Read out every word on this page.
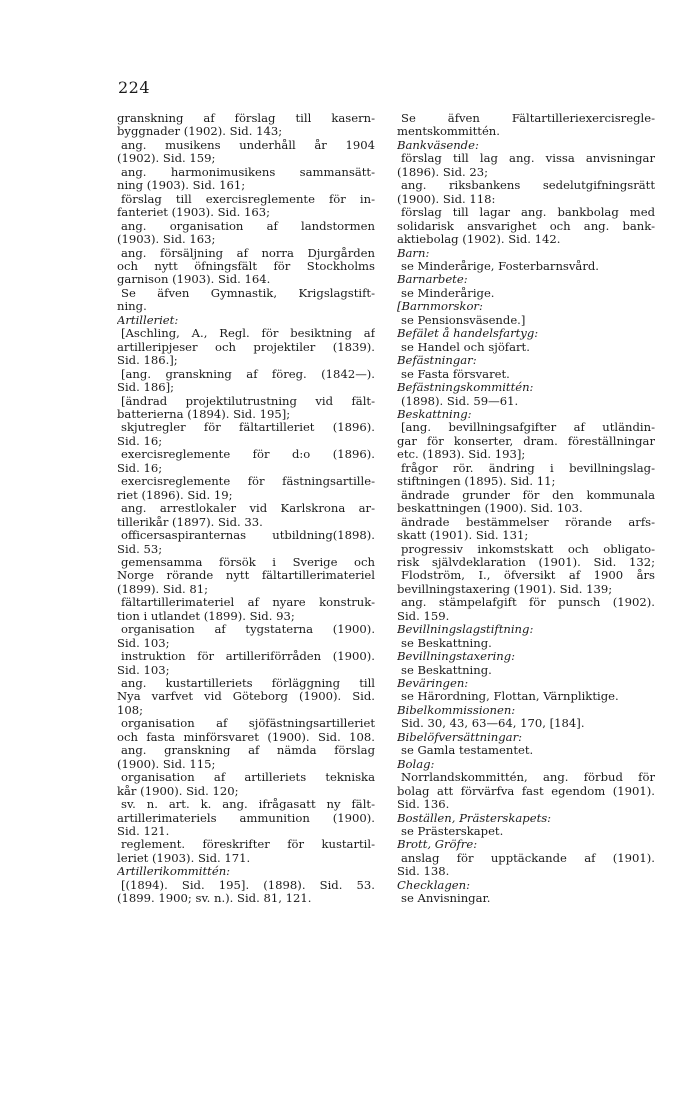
224
granskning af förslag till kasern-
byggnader (1902). Sid. 143;
ang. musikens underhåll år 1904
(1902). Sid. 159;
ang. harmonimusikens sammansätt-
ning (1903). Sid. 161;
förslag till exercisreglemente för in-
fanteriet (1903). Sid. 163;
ang. organisation af landstormen
(1903). Sid. 163;
ang. försäljning af norra Djurgården
och nytt öfningsfält för Stockholms
garnison (1903). Sid. 164.
Se äfven Gymnastik, Krigslagstift-
ning.
Artilleriet:
[Aschling, A., Regl. för besiktning af
artilleripjeser och projektiler (1839).
Sid. 186.];
[ang. granskning af föreg. (1842—).
Sid. 186];
[ändrad projektilutrustning vid fält-
batterierna (1894). Sid. 195];
skjutregler för fältartilleriet (1896).
Sid. 16;
exercisreglemente för d:o (1896).
Sid. 16;
exercisreglemente för fästningsartille-
riet (1896). Sid. 19;
ang. arrestlokaler vid Karlskrona ar-
tillerikår (1897). Sid. 33.
officersaspiranternas utbildning(1898).
Sid. 53;
gemensamma försök i Sverige och
Norge rörande nytt fältartillerimateriel
(1899). Sid. 81;
fältartillerimateriel af nyare konstruk-
tion i utlandet (1899). Sid. 93;
organisation af tygstaterna (1900).
Sid. 103;
instruktion för artilleriförråden (1900).
Sid. 103;
ang. kustartilleriets förläggning till
Nya varfvet vid Göteborg (1900). Sid.
108;
organisation af sjöfästningsartilleriet
och fasta minförsvaret (1900). Sid. 108.
ang. granskning af nämda förslag
(1900). Sid. 115;
organisation af artilleriets tekniska
kår (1900). Sid. 120;
sv. n. art. k. ang. ifrågasatt ny fält-
artillerimateriels ammunition (1900).
Sid. 121.
reglement. föreskrifter för kustartil-
leriet (1903). Sid. 171.
Artillerikommittén:
[(1894). Sid. 195]. (1898). Sid. 53.
(1899. 1900; sv. n.). Sid. 81, 121.
Se äfven Fältartilleriexercisregle-
mentskommittén.
Bankväsende:
förslag till lag ang. vissa anvisningar
(1896). Sid. 23;
ang. riksbankens sedelutgifningsrätt
(1900). Sid. 118:
förslag till lagar ang. bankbolag med
solidarisk ansvarighet och ang. bank-
aktiebolag (1902). Sid. 142.
Barn:
se Minderårige, Fosterbarnsvård.
Barnarbete:
se Minderårige.
[Barnmorskor:
se Pensionsväsende.]
Befälet å handelsfartyg:
se Handel och sjöfart.
Befästningar:
se Fasta försvaret.
Befästningskommittén:
(1898). Sid. 59—61.
Beskattning:
[ang. bevillningsafgifter af utländin-
gar för konserter, dram. föreställningar
etc. (1893). Sid. 193];
frågor rör. ändring i bevillningslag-
stiftningen (1895). Sid. 11;
ändrade grunder för den kommunala
beskattningen (1900). Sid. 103.
ändrade bestämmelser rörande arfs-
skatt (1901). Sid. 131;
progressiv inkomstskatt och obligato-
risk självdeklaration (1901). Sid. 132;
Flodström, I., öfversikt af 1900 års
bevillningstaxering (1901). Sid. 139;
ang. stämpelafgift för punsch (1902).
Sid. 159.
Bevillningslagstiftning:
se Beskattning.
Bevillningstaxering:
se Beskattning.
Beväringen:
se Härordning, Flottan, Värnpliktige.
Bibelkommissionen:
Sid. 30, 43, 63—64, 170, [184].
Bibelöfversättningar:
se Gamla testamentet.
Bolag:
Norrlandskommittén, ang. förbud för
bolag att förvärfva fast egendom (1901).
Sid. 136.
Boställen, Prästerskapets:
se Prästerskapet.
Brott, Gröfre:
anslag för upptäckande af (1901).
Sid. 138.
Checklagen:
se Anvisningar.
